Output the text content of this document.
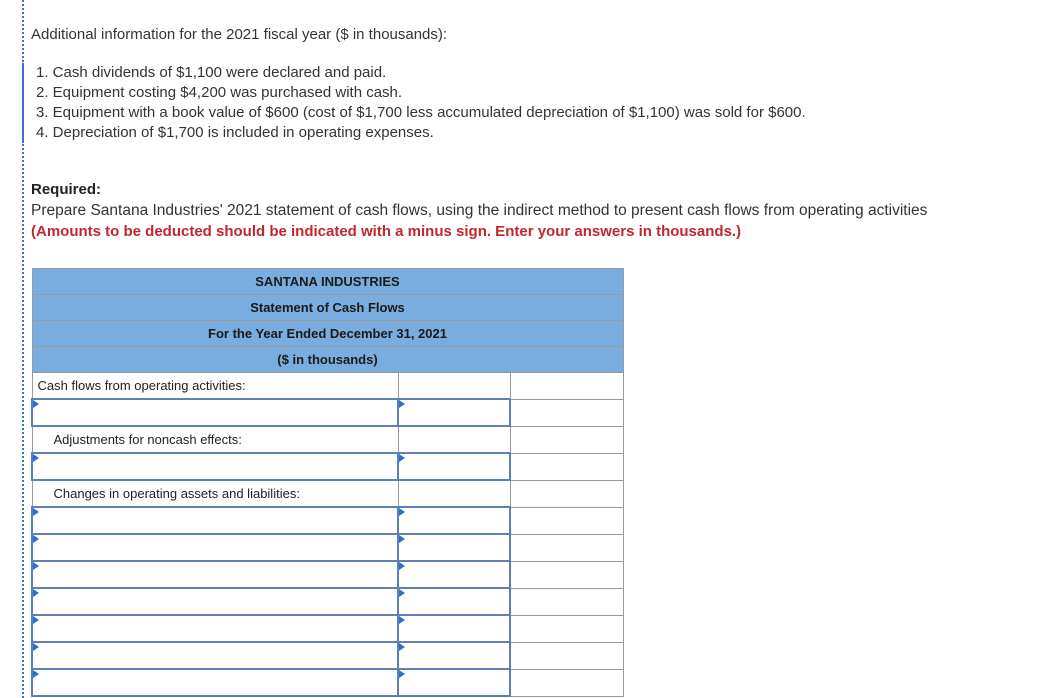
Additional information for the 2021 fiscal year ($ in thousands):
1. Cash dividends of $1,100 were declared and paid.
2. Equipment costing $4,200 was purchased with cash.
3. Equipment with a book value of $600 (cost of $1,700 less accumulated depreciation of $1,100) was sold for $600.
4. Depreciation of $1,700 is included in operating expenses.
Required:
Prepare Santana Industries' 2021 statement of cash flows, using the indirect method to present cash flows from operating activities
(Amounts to be deducted should be indicated with a minus sign. Enter your answers in thousands.)
SANTANA INDUSTRIES		
Statement of Cash Flows		
For the Year Ended December 31, 2021		
($ in thousands)		
Cash flows from operating activities:		

Adjustments for noncash effects:		

Changes in operating assets and liabilities:		
